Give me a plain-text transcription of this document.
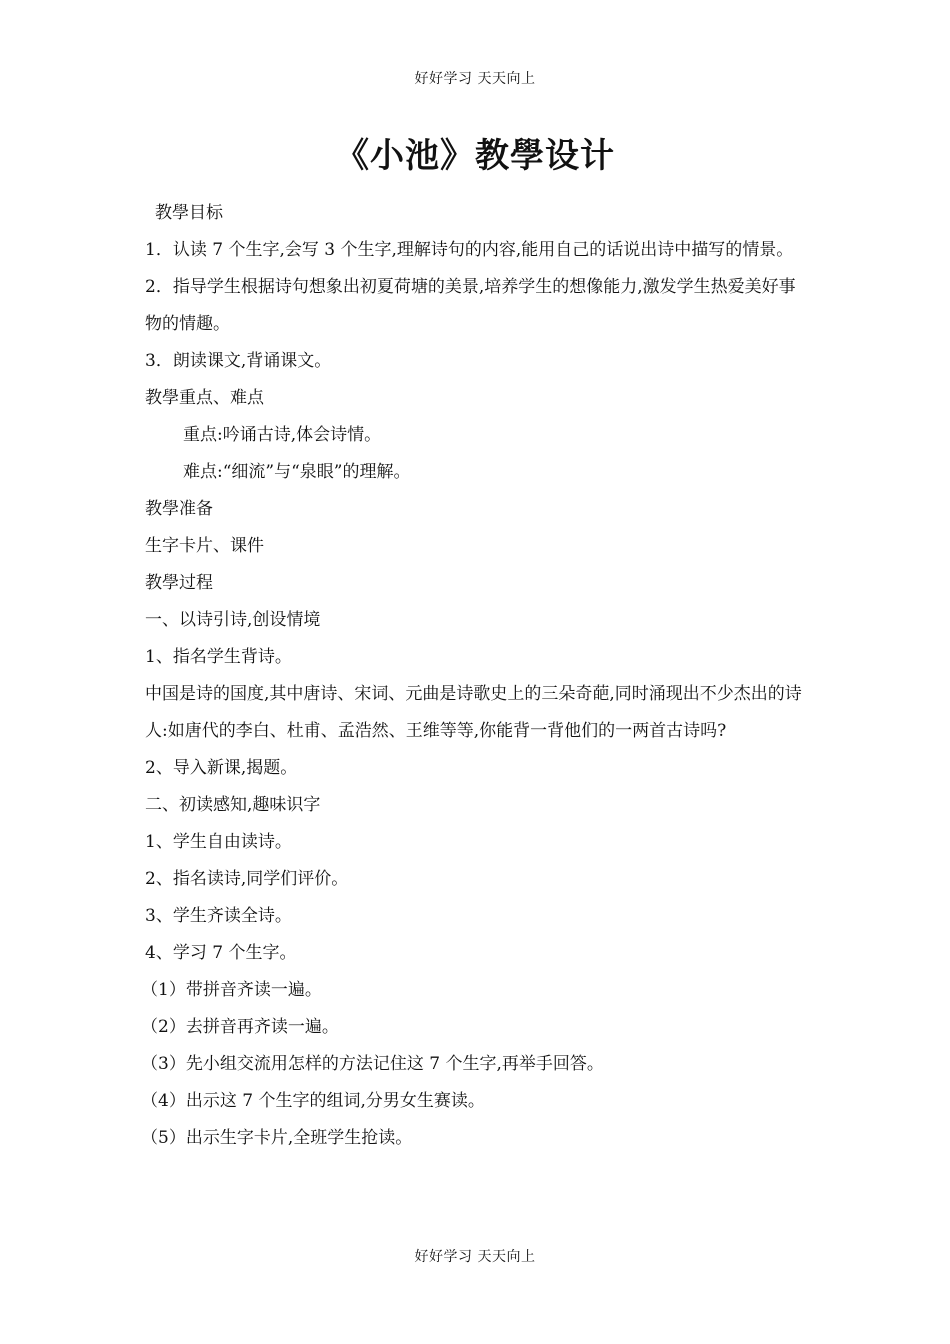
好好学习 天天向上
《小池》教學设计

教學目标

1．认读 7 个生字,会写 3 个生字,理解诗句的内容,能用自己的话说出诗中描写的情景。

2．指导学生根据诗句想象出初夏荷塘的美景,培养学生的想像能力,激发学生热爱美好事物的情趣。

3．朗读课文,背诵课文。

教學重点、难点

重点:吟诵古诗,体会诗情。

难点:“细流”与“泉眼”的理解。

教學准备

生字卡片、课件

教學过程

一、以诗引诗,创设情境

1、指名学生背诗。

中国是诗的国度,其中唐诗、宋词、元曲是诗歌史上的三朵奇葩,同时涌现出不少杰出的诗人:如唐代的李白、杜甫、孟浩然、王维等等,你能背一背他们的一两首古诗吗?

2、导入新课,揭题。

二、初读感知,趣味识字

1、学生自由读诗。

2、指名读诗,同学们评价。

3、学生齐读全诗。

4、学习 7 个生字。

（1）带拼音齐读一遍。

（2）去拼音再齐读一遍。

（3）先小组交流用怎样的方法记住这 7 个生字,再举手回答。

（4）出示这 7 个生字的组词,分男女生赛读。

（5）出示生字卡片,全班学生抢读。

好好学习 天天向上
